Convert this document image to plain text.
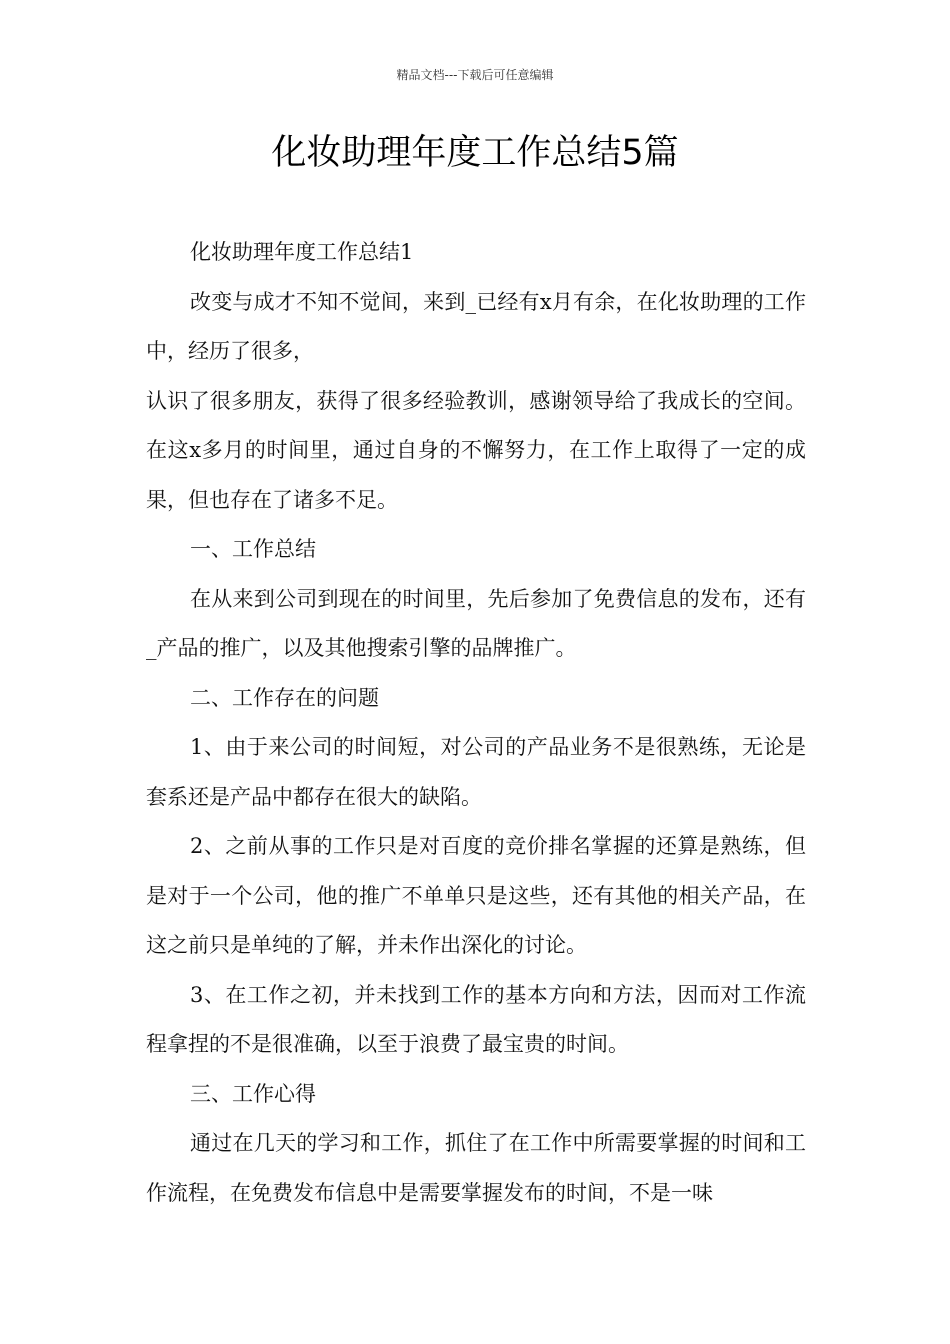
精品文档---下载后可任意编辑
化妆助理年度工作总结5篇

化妆助理年度工作总结1

改变与成才不知不觉间，来到_已经有x月有余，在化妆助理的工作中，经历了很多，

认识了很多朋友，获得了很多经验教训，感谢领导给了我成长的空间。在这x多月的时间里，通过自身的不懈努力，在工作上取得了一定的成果，但也存在了诸多不足。

一、工作总结

在从来到公司到现在的时间里，先后参加了免费信息的发布，还有_产品的推广，以及其他搜索引擎的品牌推广。

二、工作存在的问题

1、由于来公司的时间短，对公司的产品业务不是很熟练，无论是套系还是产品中都存在很大的缺陷。

2、之前从事的工作只是对百度的竞价排名掌握的还算是熟练，但是对于一个公司，他的推广不单单只是这些，还有其他的相关产品，在这之前只是单纯的了解，并未作出深化的讨论。

3、在工作之初，并未找到工作的基本方向和方法，因而对工作流程拿捏的不是很准确，以至于浪费了最宝贵的时间。

三、工作心得

通过在几天的学习和工作，抓住了在工作中所需要掌握的时间和工作流程，在免费发布信息中是需要掌握发布的时间，不是一味
